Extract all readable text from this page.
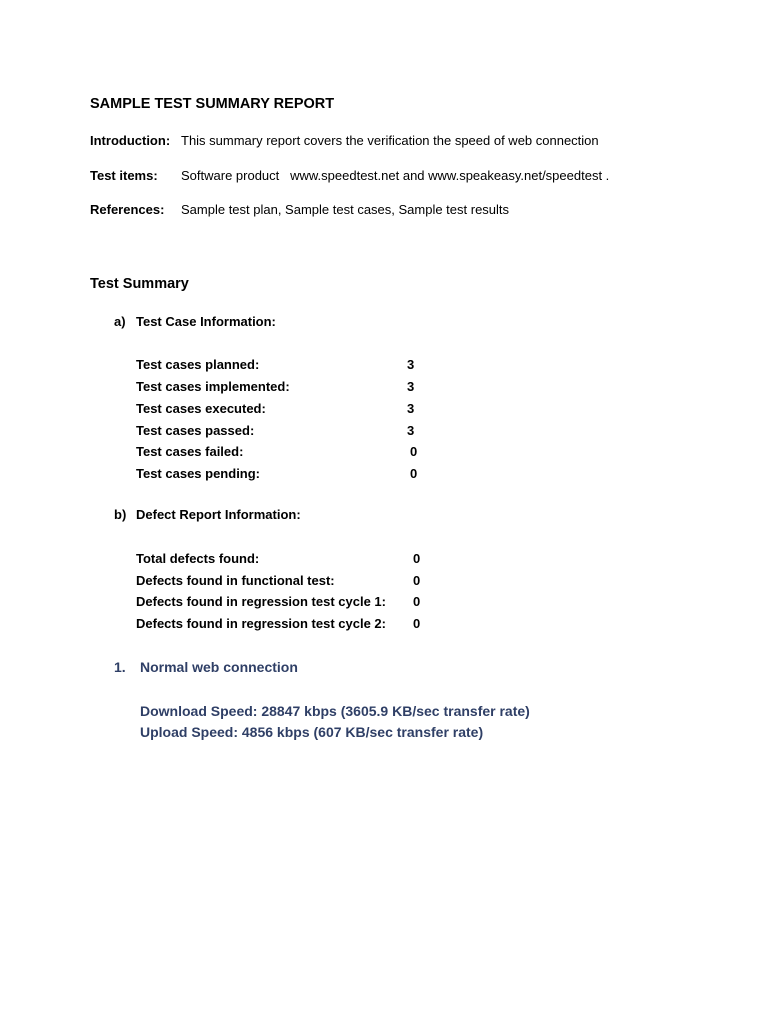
SAMPLE TEST SUMMARY REPORT
Introduction: This summary report covers the verification the speed of web connection
Test items: Software product   www.speedtest.net and www.speakeasy.net/speedtest .
References: Sample test plan, Sample test cases, Sample test results
Test Summary
a) Test Case Information:
Test cases planned:	3
Test cases implemented:	3
Test cases executed:	3
Test cases passed:	3
Test cases failed:	0
Test cases pending:	0
b) Defect Report Information:
Total defects found:	0
Defects found in functional test:	0
Defects found in regression test cycle 1: 0
Defects found in regression test cycle 2: 0
1. Normal web connection
Download Speed: 28847 kbps (3605.9 KB/sec transfer rate)
Upload Speed: 4856 kbps (607 KB/sec transfer rate)
